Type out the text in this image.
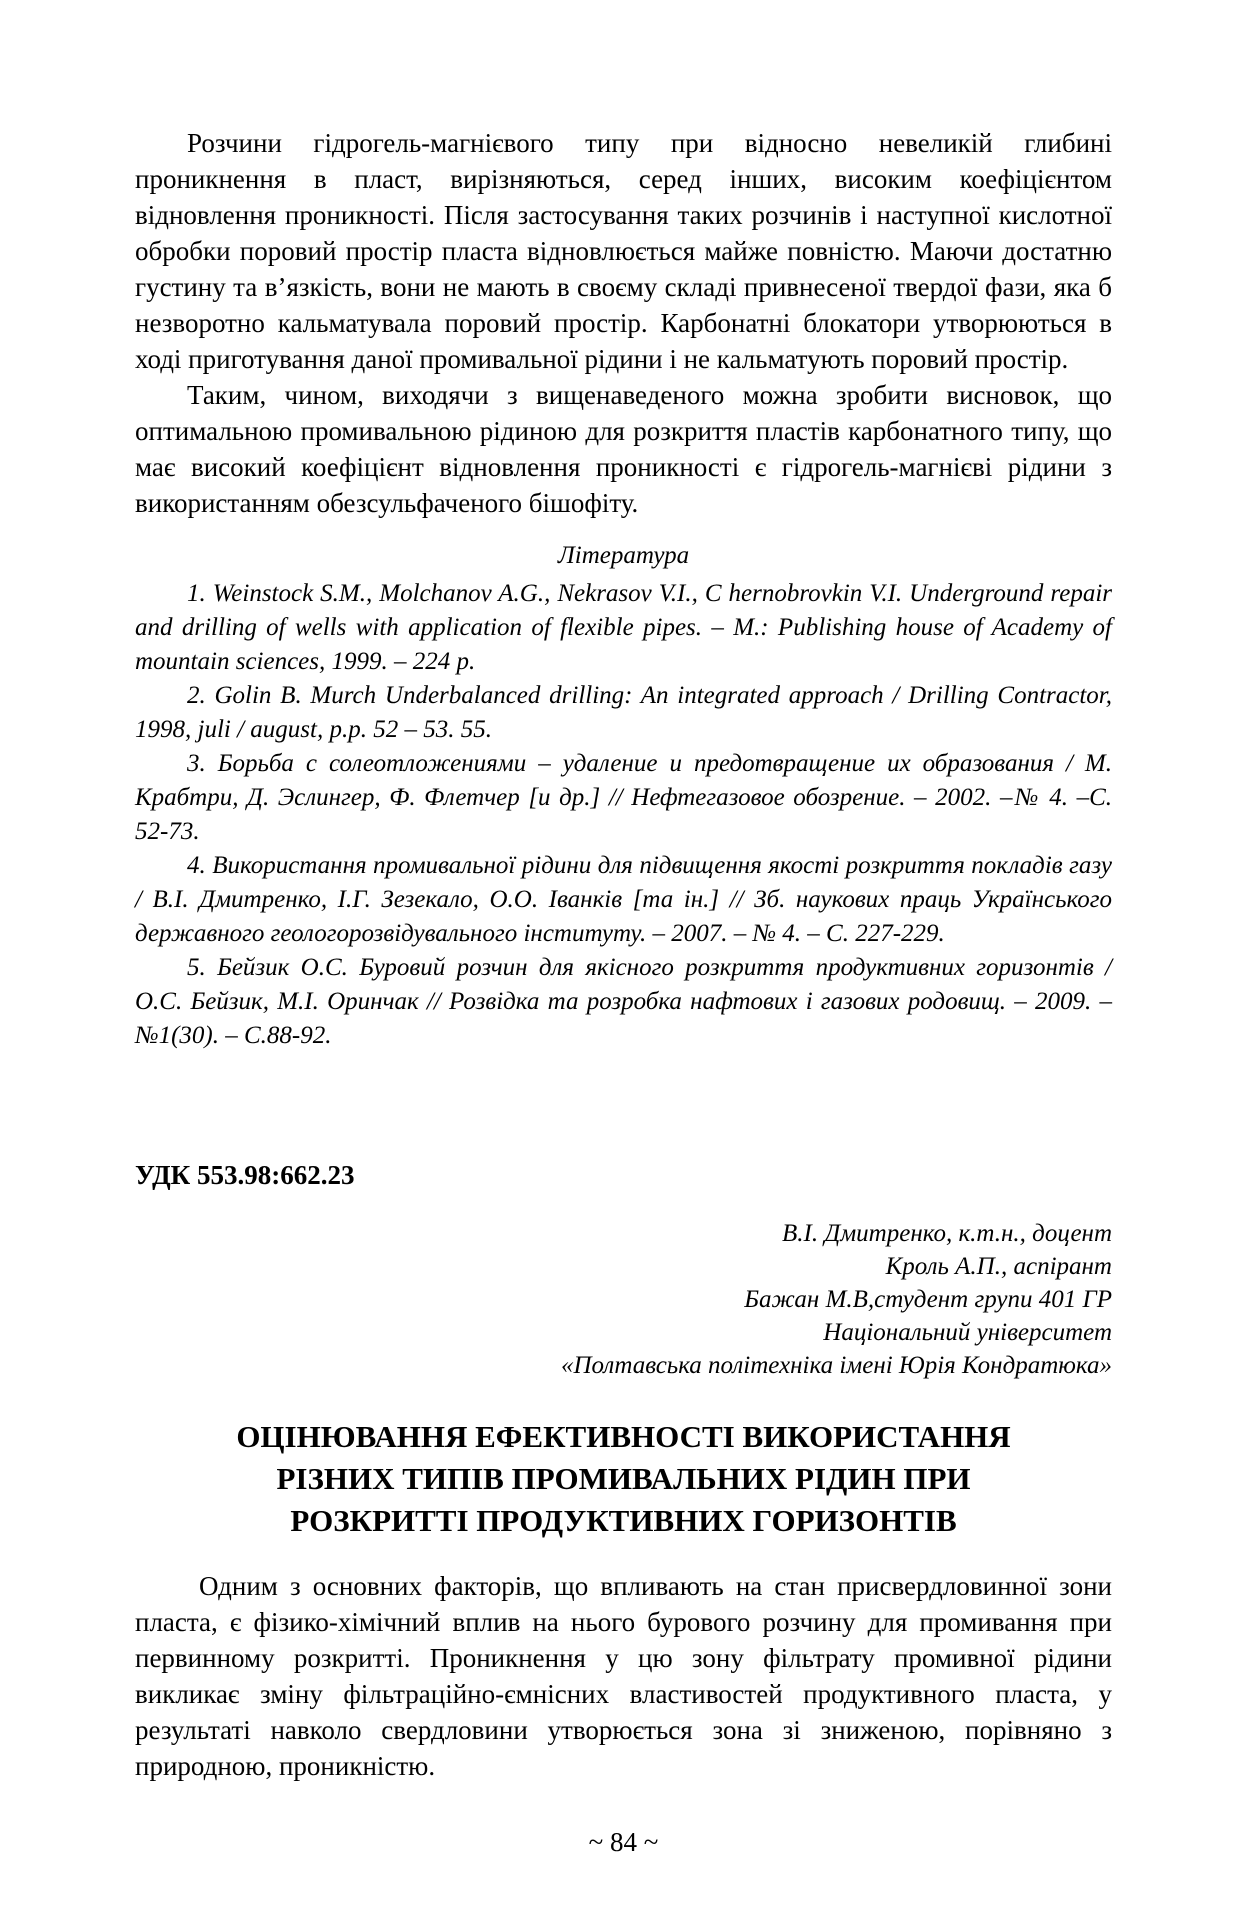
Розчини гідрогель-магнієвого типу при відносно невеликій глибині проникнення в пласт, вирізняються, серед інших, високим коефіцієнтом відновлення проникності. Після застосування таких розчинів і наступної кислотної обробки поровий простір пласта відновлюється майже повністю. Маючи достатню густину та в’язкість, вони не мають в своєму складі привнесеної твердої фази, яка б незворотно кальматувала поровий простір. Карбонатні блокатори утворюються в ході приготування даної промивальної рідини і не кальматують поровий простір.

Таким, чином, виходячи з вищенаведеного можна зробити висновок, що оптимальною промивальною рідиною для розкриття пластів карбонатного типу, що має високий коефіцієнт відновлення проникності є гідрогель-магнієві рідини з використанням обезсульфаченого бішофіту.

Література

1. Weinstock S.M., Molchanov A.G., Nekrasov V.I., C hernobrovkin V.I. Underground repair and drilling of wells with application of flexible pipes. – M.: Publishing house of Academy of mountain sciences, 1999. – 224 р.

2. Golin B. Murch Underbalanced drilling: An integrated approach / Drilling Contractor, 1998, juli / august, p.p. 52 – 53. 55.

3. Борьба с солеотложениями – удаление и предотвращение их образования / М. Крабтри, Д. Эслингер, Ф. Флетчер [и др.] // Нефтегазовое обозрение. – 2002. –№ 4. –С. 52-73.

4. Використання промивальної рідини для підвищення якості розкриття покладів газу / В.І. Дмитренко, І.Г. Зезекало, О.О. Іванків [та ін.] // Зб. наукових праць Українського державного геологорозвідувального інституту. – 2007. – № 4. – С. 227-229.

5. Бейзик О.С. Буровий розчин для якісного розкриття продуктивних горизонтів / О.С. Бейзик, М.І. Оринчак // Розвідка та розробка нафтових і газових родовищ. – 2009. – №1(30). – С.88-92.

УДК 553.98:662.23
В.І. Дмитренко, к.т.н., доцент
Кроль А.П., аспірант
Бажан М.В,студент групи 401 ГР
Національний університет
«Полтавська політехніка імені Юрія Кондратюка»
ОЦІНЮВАННЯ ЕФЕКТИВНОСТІ ВИКОРИСТАННЯ РІЗНИХ ТИПІВ ПРОМИВАЛЬНИХ РІДИН ПРИ РОЗКРИТТІ ПРОДУКТИВНИХ ГОРИЗОНТІВ

Одним з основних факторів, що впливають на стан присвердловинної зони пласта, є фізико-хімічний вплив на нього бурового розчину для промивання при первинному розкритті. Проникнення у цю зону фільтрату промивної рідини викликає зміну фільтраційно-ємнісних властивостей продуктивного пласта, у результаті навколо свердловини утворюється зона зі зниженою, порівняно з природною, проникністю.

~ 84 ~
